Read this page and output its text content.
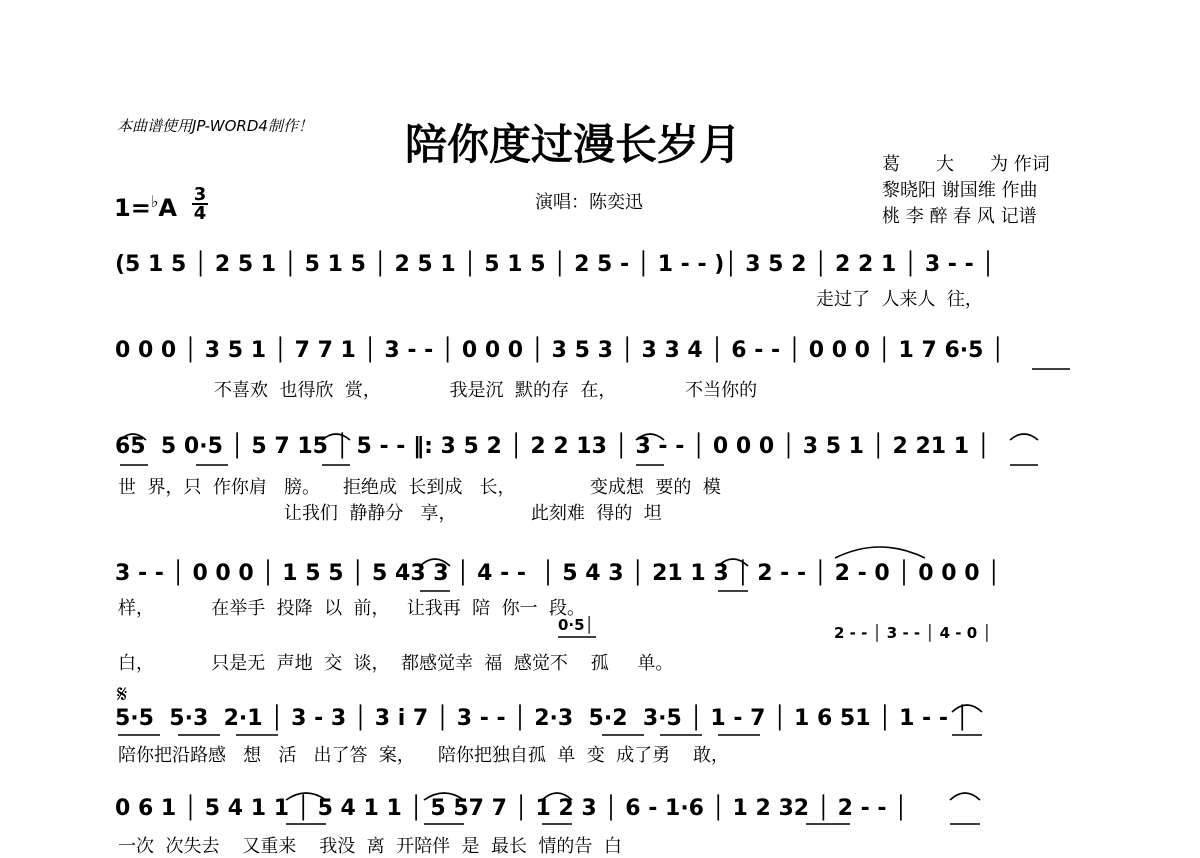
本曲谱使用JP-WORD4制作！ 陪你度过漫长岁月
1=♭A 3
4
演唱：陈奕迅
葛　　大　　为 作词
黎晓阳 谢国维 作曲
桃 李 醉 春 风 记谱
(5 1 5 │ 2 5 1 │ 5 1 5 │ 2 5 1 │ 5 1 5 │ 2 5 - │ 1 - - )│ 3 5 2 │ 2 2 1 │ 3 - - │
走过了  人来人  往，
0 0 0 │ 3 5 1 │ 7 7 1 │ 3 - - │ 0 0 0 │ 3 5 3 │ 3 3 4 │ 6 - - │ 0 0 0 │ 1 7 6·5 │
不喜欢  也得欣  赏，            我是沉  默的存  在，            不当你的
65  5 0·5 │ 5 7 15 │ 5 - - ‖: 3 5 2 │ 2 2 13 │ 3 - - │ 0 0 0 │ 3 5 1 │ 2 21 1 │
世  界，只  作你肩   膀。    拒绝成  长到成   长，             变成想  要的  模
让我们  静静分   享，             此刻难  得的  坦
3 - - │ 0 0 0 │ 1 5 5 │ 5 43 3 │ 4 - -  │ 5 4 3 │ 21 1 3 │ 2 - - │ 2 - 0 │ 0 0 0 │
样，          在举手  投降  以  前，   让我再  陪  你一  段。
0·5│	2 - - │ 3 - - │ 4 - 0 │
白，          只是无  声地  交  谈，  都感觉幸  福  感觉不    孤     单。
𝄋
5·5  5·3  2·1 │ 3 - 3 │ 3 i 7 │ 3 - - │ 2·3  5·2  3·5 │ 1 - 7 │ 1 6 51 │ 1 - - │
陪你把沿路感   想   活   出了答  案，    陪你把独自孤  单  变  成了勇    敢，
0 6 1 │ 5 4 1 1 │ 5 4 1 1 │ 5 57 7 │ 1 2 3 │ 6 - 1·6 │ 1 2 32 │ 2 - - │
一次  次失去    又重来    我没  离  开陪伴  是  最长  情的告  白
